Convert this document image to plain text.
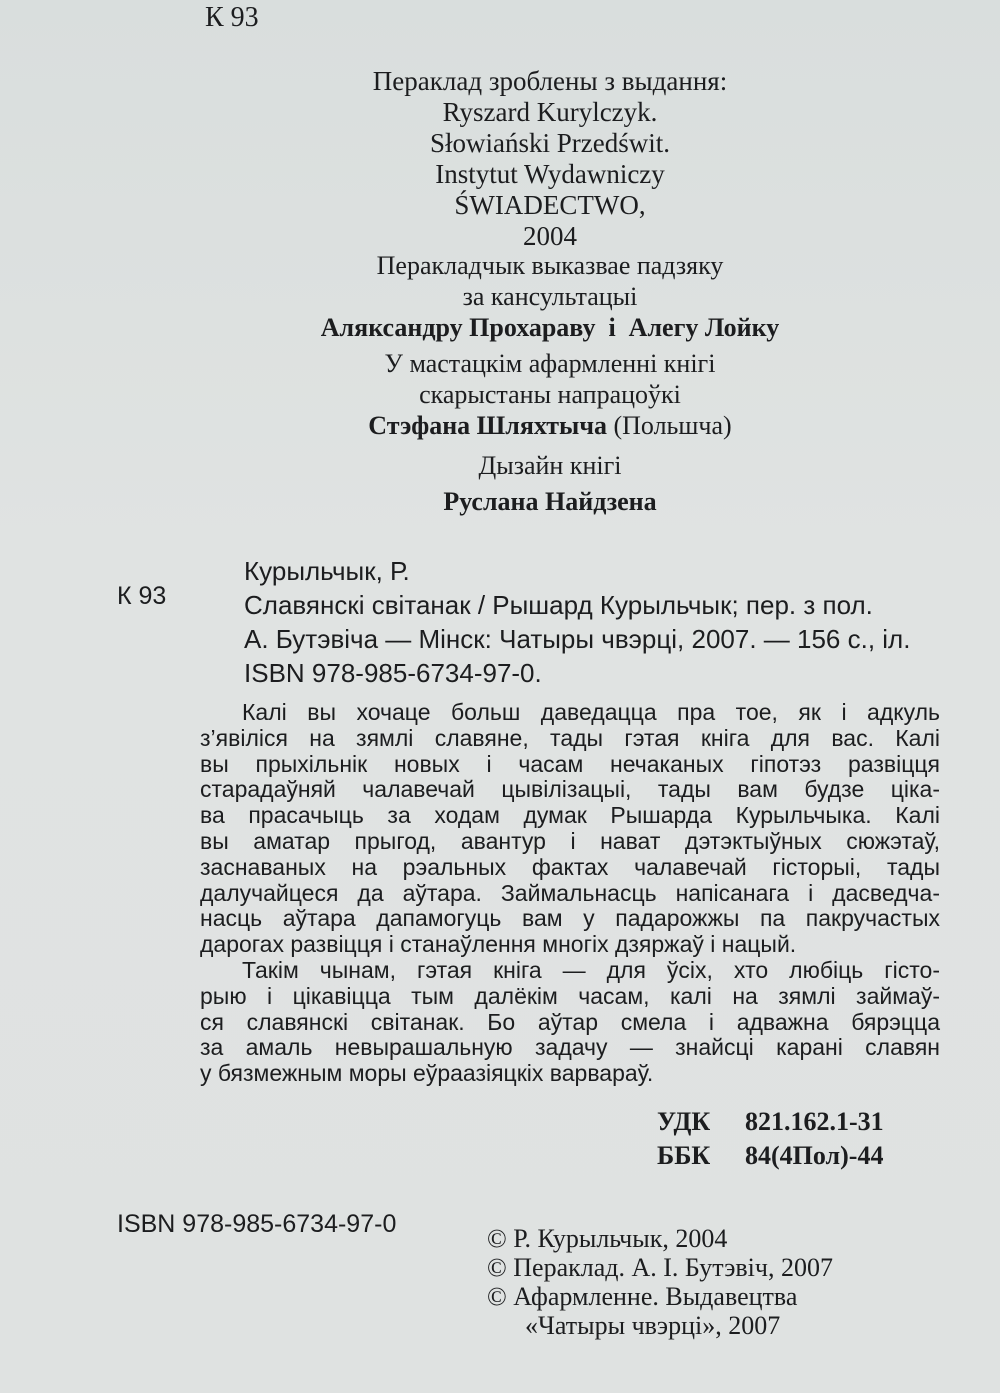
К 93
Пераклад зроблены з выдання:
Ryszard Kurylczyk.
Słowiański Przedświt.
Instytut Wydawniczy
ŚWIADECTWO,
2004
Перакладчык выказвае падзяку
за кансультацыі
Аляксандру Прохараву  і  Алегу Лойку
У мастацкім афармленні кнігі
скарыстаны напрацоўкі
Стэфана Шляхтыча (Польшча)
Дызайн кнігі
Руслана Найдзена
К 93
Курыльчык, Р.
Славянскі світанак / Рышард Курыльчык; пер. з пол.
А. Бутэвіча — Мінск: Чатыры чвэрці, 2007. — 156 с., іл.
ISBN 978-985-6734-97-0.
Калі вы хочаце больш даведацца пра тое, як і адкуль
з’явіліся на зямлі славяне, тады гэтая кніга для вас. Калі
вы прыхільнік новых і часам нечаканых гіпотэз развіцця
старадаўняй чалавечай цывілізацыі, тады вам будзе ціка-
ва прасачыць за ходам думак Рышарда Курыльчыка. Калі
вы аматар прыгод, авантур і нават дэтэктыўных сюжэтаў,
заснаваных на рэальных фактах чалавечай гісторыі, тады
далучайцеся да аўтара. Займальнасць напісанага і дасведча-
насць аўтара дапамогуць вам у падарожжы па пакручастых
дарогах развіцця і станаўлення многіх дзяржаў і нацый.
Такім чынам, гэтая кніга — для ўсіх, хто любіць гісто-
рыю і цікавіцца тым далёкім часам, калі на зямлі займаў-
ся славянскі світанак. Бо аўтар смела і адважна бярэцца
за амаль невырашальную задачу — знайсці карані славян
у бязмежным моры еўраазіяцкіх варвараў.
УДК 821.162.1-31
ББК 84(4Пол)-44
ISBN 978-985-6734-97-0	© Р. Курыльчык, 2004
© Пераклад. А. І. Бутэвіч, 2007
© Афармленне. Выдавецтва
«Чатыры чвэрці», 2007
